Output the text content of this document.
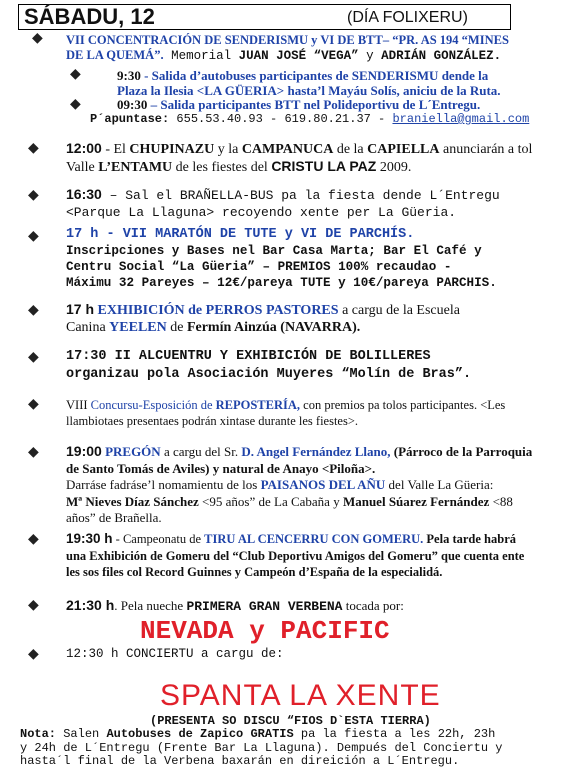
SÁBADU, 12	(DÍA FOLIXERU)
◆ VII CONCENTRACIÓN DE SENDERISMU y VI DE BTT– “PR. AS 194 “MINES

DE LA QUEMÁ”. Memorial JUAN JOSÉ “VEGA” y ADRIÁN GONZÁLEZ.

◆	9:30 - Salida d’autobuses participantes de SENDERISMU dende la

Plaza la Ilesia <LA GÜERIA> hasta’l Mayáu Solís, aniciu de la Ruta.

◆	09:30 – Salida participantes BTT nel Polideportivu de L´Entregu.

P´apuntase: 655.53.40.93 - 619.80.21.37 - braniella@gmail.com

◆ 12:00 - El CHUPINAZU y la CAMPANUCA de la CAPIELLA anunciarán a tol

Valle L’ENTAMU de les fiestes del CRISTU LA PAZ 2009.

◆ 16:30 – Sal el BRAÑELLA-BUS pa la fiesta dende L´Entregu

<Parque La Llaguna> recoyendo xente per La Güeria.

◆ 17 h - VII MARATÓN DE TUTE y VI DE PARCHÍS.

Inscripciones y Bases nel Bar Casa Marta; Bar El Café y

Centru Social “La Güeria” – PREMIOS 100% recaudao -

Máximu 32 Pareyes – 12€/pareya TUTE y 10€/pareya PARCHIS.

◆ 17 h EXHIBICIÓN de PERROS PASTORES a cargu de la Escuela

Canina YEELEN de Fermín Ainzúa (NAVARRA).

◆ 17:30 II ALCUENTRU Y EXHIBICIÓN DE BOLILLERES

organizau pola Asociación Muyeres “Molín de Bras”.

◆ VIII Concursu-Esposición de REPOSTERÍA, con premios pa tolos participantes. <Les

llambiotaes presentaes podrán xintase durante les fiestes>.

◆ 19:00 PREGÓN a cargu del Sr. D. Angel Fernández Llano, (Párroco de la Parroquia

de Santo Tomás de Aviles) y natural de Anayo <Piloña>.

Darráse fadráse’l nomamientu de los PAISANOS DEL AÑU del Valle La Güeria:

Mª Nieves Díaz Sánchez <95 años” de La Cabaña y Manuel Súarez Fernández <88

años” de Brañella.

◆ 19:30 h - Campeonatu de TIRU AL CENCERRU CON GOMERU. Pela tarde habrá

una Exhibición de Gomeru del “Club Deportivu Amigos del Gomeru” que cuenta ente

les sos files col Record Guinnes y Campeón d’España de la especialidá.

◆ 21:30 h. Pela nueche PRIMERA GRAN VERBENA tocada por:

NEVADA y PACIFIC
◆ 12:30 h CONCIERTU a cargu de:

SPANTA LA XENTE
(PRESENTA SO DISCU “FIOS D`ESTA TIERRA)

Nota: Salen Autobuses de Zapico GRATIS pa la fiesta a les 22h, 23h

y 24h de L´Entregu (Frente Bar La Llaguna). Dempués del Conciertu y

hasta´l final de la Verbena baxarán en direición a L´Entregu.
